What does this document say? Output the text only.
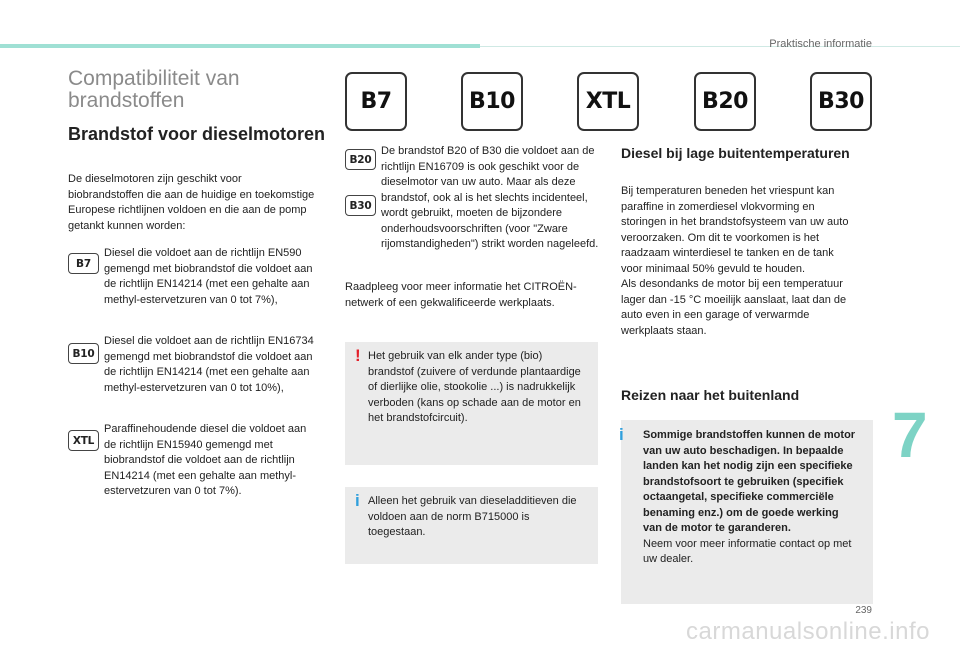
Praktische informatie
Compatibiliteit van brandstoffen
Brandstof voor dieselmotoren

De dieselmotoren zijn geschikt voor biobrandstoffen die aan de huidige en toekomstige Europese richtlijnen voldoen en die aan de pomp getankt kunnen worden:

B7

Diesel die voldoet aan de richtlijn EN590 gemengd met biobrandstof die voldoet aan de richtlijn EN14214 (met een gehalte aan methyl-estervetzuren van 0 tot 7%),

B10

Diesel die voldoet aan de richtlijn EN16734 gemengd met biobrandstof die voldoet aan de richtlijn EN14214 (met een gehalte aan methyl-estervetzuren van 0 tot 10%),

XTL

Paraffinehoudende diesel die voldoet aan de richtlijn EN15940 gemengd met biobrandstof die voldoet aan de richtlijn EN14214 (met een gehalte aan methyl-estervetzuren van 0 tot 7%).

B7	B10	XTL	B20	B30
B20
B30

De brandstof B20 of B30 die voldoet aan de richtlijn EN16709 is ook geschikt voor de dieselmotor van uw auto. Maar als deze brandstof, ook al is het slechts incidenteel, wordt gebruikt, moeten de bijzondere onderhoudsvoorschriften (voor "Zware rijomstandigheden") strikt worden nageleefd.

Raadpleeg voor meer informatie het CITROËN-netwerk of een gekwalificeerde werkplaats.

! Het gebruik van elk ander type (bio) brandstof (zuivere of verdunde plantaardige of dierlijke olie, stookolie ...) is nadrukkelijk verboden (kans op schade aan de motor en het brandstofcircuit).

i Alleen het gebruik van dieseladditieven die voldoen aan de norm B715000 is toegestaan.

Diesel bij lage buitentemperaturen

Bij temperaturen beneden het vriespunt kan paraffine in zomerdiesel vlokvorming en storingen in het brandstofsysteem van uw auto veroorzaken. Om dit te voorkomen is het raadzaam winterdiesel te tanken en de tank voor minimaal 50% gevuld te houden.

Als desondanks de motor bij een temperatuur lager dan -15 °C moeilijk aanslaat, laat dan de auto even in een garage of verwarmde werkplaats staan.

Reizen naar het buitenland
i Sommige brandstoffen kunnen de motor van uw auto beschadigen. In bepaalde landen kan het nodig zijn een specifieke brandstofsoort te gebruiken (specifiek octaangetal, specifieke commerciële benaming enz.) om de goede werking van de motor te garanderen.

Neem voor meer informatie contact op met uw dealer.

7
239
carmanualsonline.info
